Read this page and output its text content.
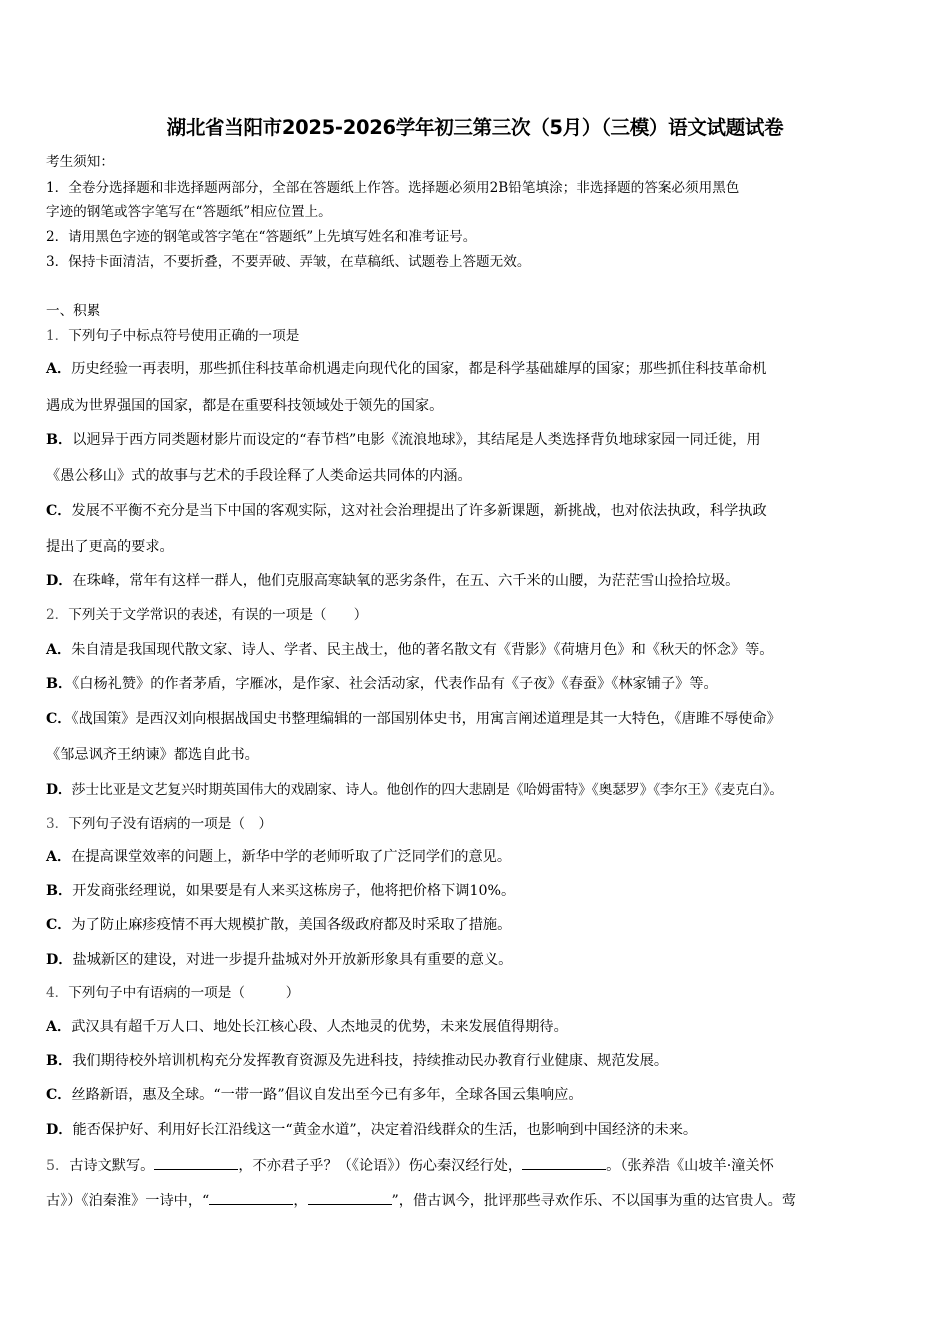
湖北省当阳市2025-2026学年初三第三次（5月）（三模）语文试题试卷
考生须知：
1．全卷分选择题和非选择题两部分，全部在答题纸上作答。选择题必须用2B铅笔填涂；非选择题的答案必须用黑色
字迹的钢笔或答字笔写在“答题纸”相应位置上。
2．请用黑色字迹的钢笔或答字笔在“答题纸”上先填写姓名和准考证号。
3．保持卡面清洁，不要折叠，不要弄破、弄皱，在草稿纸、试题卷上答题无效。
一、积累
1．下列句子中标点符号使用正确的一项是
A．历史经验一再表明，那些抓住科技革命机遇走向现代化的国家，都是科学基础雄厚的国家；那些抓住科技革命机
遇成为世界强国的国家，都是在重要科技领域处于领先的国家。
B．以迥异于西方同类题材影片而设定的“春节档”电影《流浪地球》，其结尾是人类选择背负地球家园一同迁徙，用
《愚公移山》式的故事与艺术的手段诠释了人类命运共同体的内涵。
C．发展不平衡不充分是当下中国的客观实际，这对社会治理提出了许多新课题，新挑战，也对依法执政，科学执政
提出了更高的要求。
D．在珠峰，常年有这样一群人，他们克服高寒缺氧的恶劣条件，在五、六千米的山腰，为茫茫雪山捡拾垃圾。
2．下列关于文学常识的表述，有误的一项是（　　）
A．朱自清是我国现代散文家、诗人、学者、民主战士，他的著名散文有《背影》《荷塘月色》和《秋天的怀念》等。
B．《白杨礼赞》的作者茅盾，字雁冰，是作家、社会活动家，代表作品有《子夜》《春蚕》《林家铺子》等。
C．《战国策》是西汉刘向根据战国史书整理编辑的一部国别体史书，用寓言阐述道理是其一大特色，《唐雎不辱使命》
《邹忌讽齐王纳谏》都选自此书。
D．莎士比亚是文艺复兴时期英国伟大的戏剧家、诗人。他创作的四大悲剧是《哈姆雷特》《奥瑟罗》《李尔王》《麦克白》。
3．下列句子没有语病的一项是（　）
A．在提高课堂效率的问题上，新华中学的老师听取了广泛同学们的意见。
B．开发商张经理说，如果要是有人来买这栋房子，他将把价格下调10%。
C．为了防止麻疹疫情不再大规模扩散，美国各级政府都及时采取了措施。
D．盐城新区的建设，对进一步提升盐城对外开放新形象具有重要的意义。
4．下列句子中有语病的一项是（　　　）
A．武汉具有超千万人口、地处长江核心段、人杰地灵的优势，未来发展值得期待。
B．我们期待校外培训机构充分发挥教育资源及先进科技，持续推动民办教育行业健康、规范发展。
C．丝路新语，惠及全球。“一带一路”倡议自发出至今已有多年，全球各国云集响应。
D．能否保护好、利用好长江沿线这一“黄金水道”，决定着沿线群众的生活，也影响到中国经济的未来。
5．古诗文默写。	，不亦君子乎？（《论语》）伤心秦汉经行处，	。（张养浩《山坡羊·潼关怀
古》）《泊秦淮》一诗中，“	，	”，借古讽今，批评那些寻欢作乐、不以国事为重的达官贵人。莺
